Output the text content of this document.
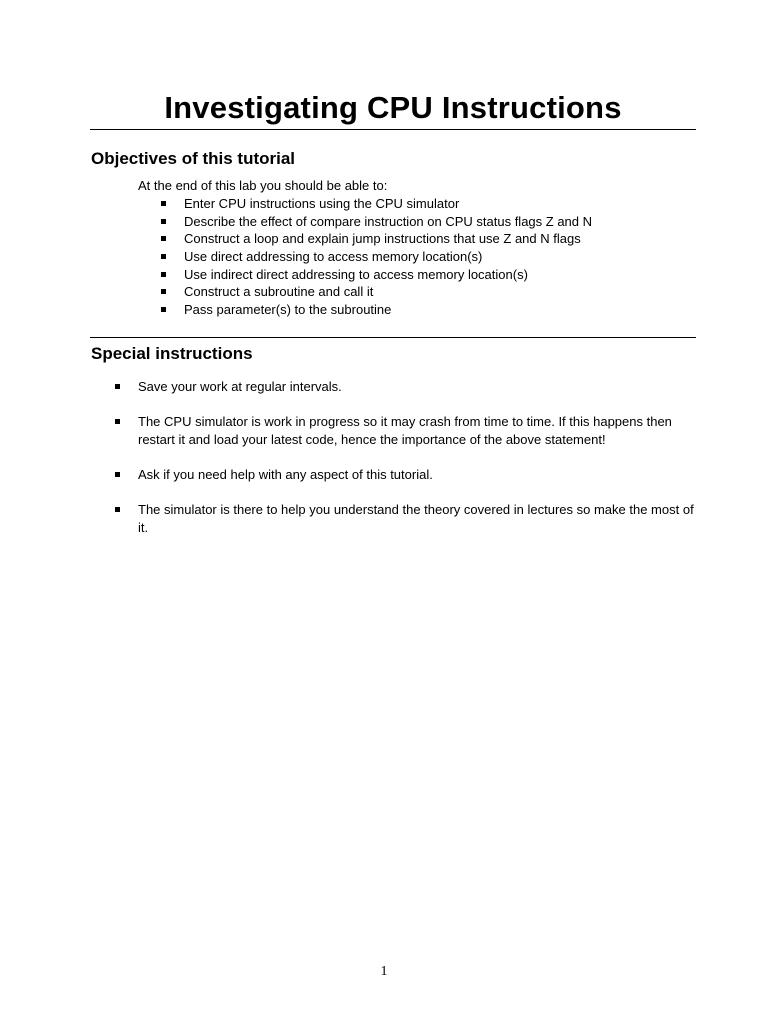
Investigating CPU Instructions
Objectives of this tutorial

At the end of this lab you should be able to:

Enter CPU instructions using the CPU simulator
Describe the effect of compare instruction on CPU status flags Z and N
Construct a loop and explain jump instructions that use Z and N flags
Use direct addressing to access memory location(s)
Use indirect direct addressing to access memory location(s)
Construct a subroutine and call it
Pass parameter(s) to the subroutine
Special instructions
Save your work at regular intervals.
The CPU simulator is work in progress so it may crash from time to time. If this happens then restart it and load your latest code, hence the importance of the above statement!
Ask if you need help with any aspect of this tutorial.
The simulator is there to help you understand the theory covered in lectures so make the most of it.
1
